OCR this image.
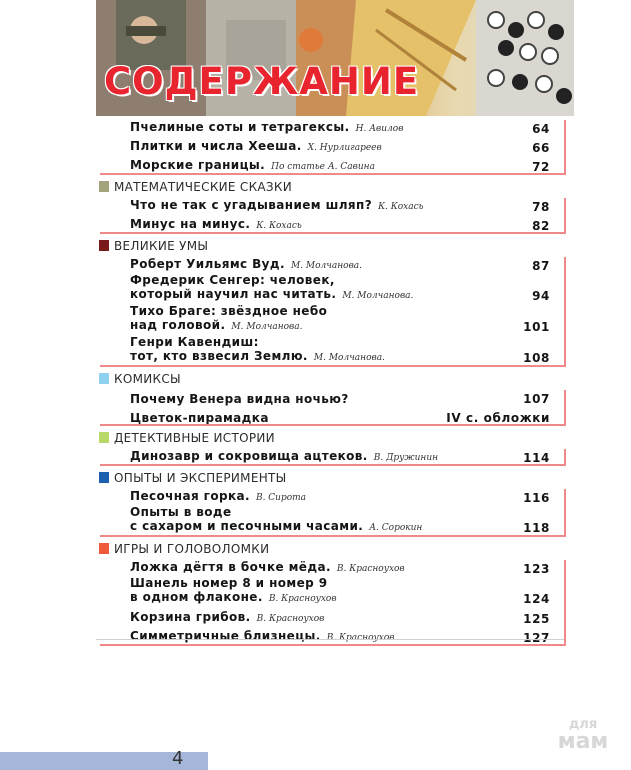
СОДЕРЖАНИЕ
Пчелиные соты и тетрагексы. Н. Авилов	64
Плитки и числа Хееша. Х. Нурлигареев	66
Морские границы. По статье А. Савина	72
МАТЕМАТИЧЕСКИЕ СКАЗКИ
Что не так с угадыванием шляп? К. Кохась	78
Минус на минус. К. Кохась	82
ВЕЛИКИЕ УМЫ
Роберт Уильямс Вуд. М. Молчанова.	87
Фредерик Сенгер: человек,
который научил нас читать. М. Молчанова.	94
Тихо Браге: звёздное небо
над головой. М. Молчанова.	101
Генри Кавендиш:
тот, кто взвесил Землю. М. Молчанова.	108
КОМИКСЫ
Почему Венера видна ночью?	107
Цветок-пирамадка	IV с. обложки
ДЕТЕКТИВНЫЕ ИСТОРИИ
Динозавр и сокровища ацтеков. В. Дружинин	114
ОПЫТЫ И ЭКСПЕРИМЕНТЫ
Песочная горка. В. Сирота	116
Опыты в воде
с сахаром и песочными часами. А. Сорокин	118
ИГРЫ И ГОЛОВОЛОМКИ
Ложка дёгтя в бочке мёда. В. Красноухов	123
Шанель номер 8 и номер 9
в одном флаконе. В. Красноухов	124
Корзина грибов. В. Красноухов	125
Симметричные близнецы. В. Красноухов	127
4
для
мам
